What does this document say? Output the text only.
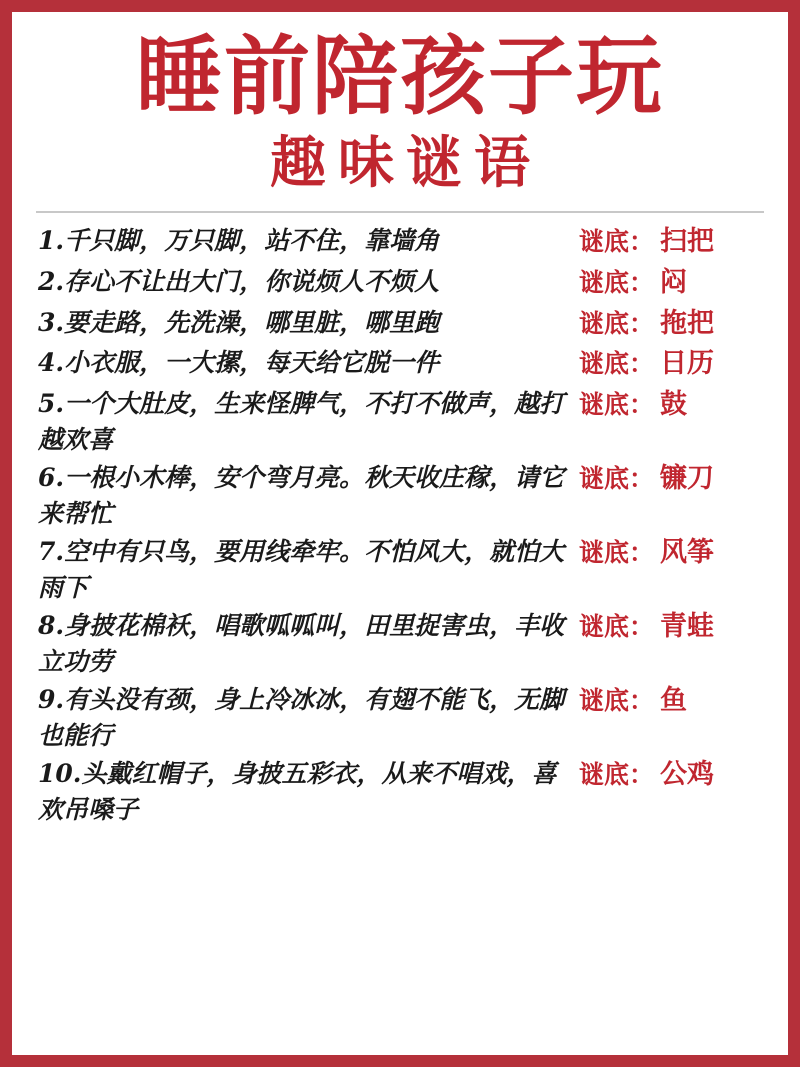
睡前陪孩子玩
趣味谜语
1.千只脚，万只脚，站不住，靠墙角	谜底： 扫把
2.存心不让出大门，你说烦人不烦人	谜底： 闷
3.要走路，先洗澡，哪里脏，哪里跑	谜底： 拖把
4.小衣服，一大摞，每天给它脱一件	谜底： 日历
5.一个大肚皮，生来怪脾气，不打不做声，越打越欢喜
谜底： 鼓
6.一根小木棒，安个弯月亮。秋天收庄稼，请它来帮忙
谜底： 镰刀
7.空中有只鸟，要用线牵牢。不怕风大，就怕大雨下
谜底： 风筝
8.身披花棉袄，唱歌呱呱叫，田里捉害虫，丰收立功劳
谜底： 青蛙
9.有头没有颈，身上冷冰冰，有翅不能飞，无脚也能行
谜底： 鱼
10.头戴红帽子，身披五彩衣，从来不唱戏，喜欢吊嗓子
谜底： 公鸡
